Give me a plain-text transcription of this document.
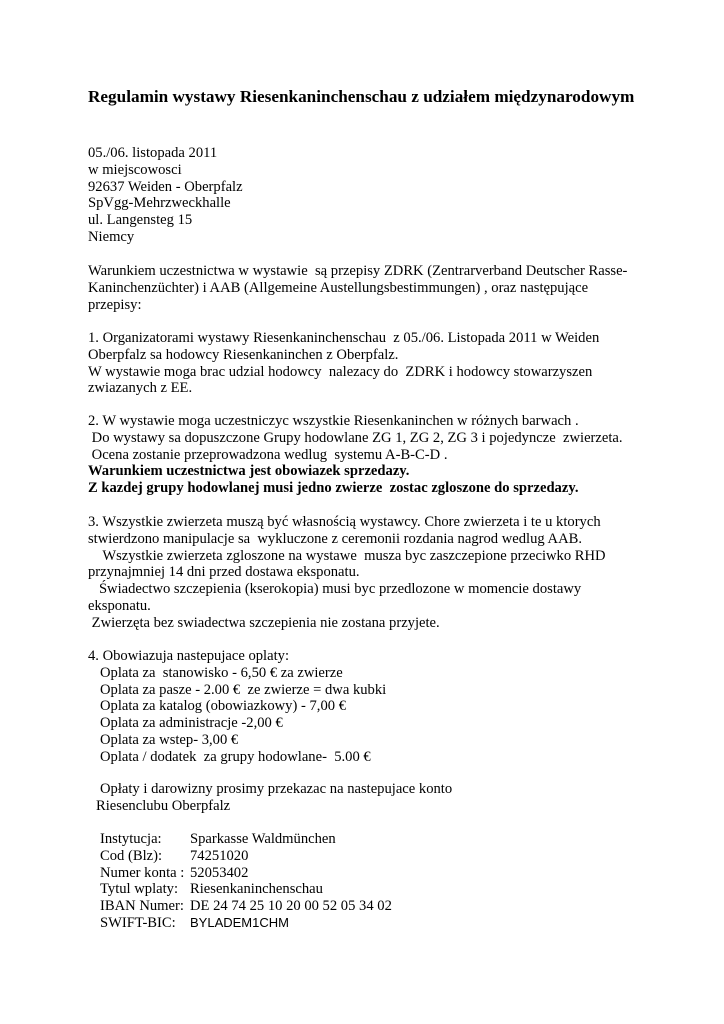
Regulamin wystawy Riesenkaninchenschau z udziałem międzynarodowym
05./06. listopada 2011
w miejscowosci
92637 Weiden - Oberpfalz
SpVgg-Mehrzweckhalle
ul. Langensteg 15
Niemcy
Warunkiem uczestnictwa w wystawie  są przepisy ZDRK (Zentrarverband Deutscher Rasse-
Kaninchenzüchter) i AAB (Allgemeine Austellungsbestimmungen) , oraz następujące
przepisy:
1. Organizatorami wystawy Riesenkaninchenschau  z 05./06. Listopada 2011 w Weiden
Oberpfalz sa hodowcy Riesenkaninchen z Oberpfalz.
W wystawie moga brac udzial hodowcy  nalezacy do  ZDRK i hodowcy stowarzyszen
zwiazanych z EE.
2. W wystawie moga uczestniczyc wszystkie Riesenkaninchen w różnych barwach .
Do wystawy sa dopuszczone Grupy hodowlane ZG 1, ZG 2, ZG 3 i pojedyncze  zwierzeta.
Ocena zostanie przeprowadzona wedlug  systemu A-B-C-D .
Warunkiem uczestnictwa jest obowiazek sprzedazy.
Z kazdej grupy hodowlanej musi jedno zwierze  zostac zgloszone do sprzedazy.
3. Wszystkie zwierzeta muszą być własnością wystawcy. Chore zwierzeta i te u ktorych
stwierdzono manipulacje sa  wykluczone z ceremonii rozdania nagrod wedlug AAB.
Wszystkie zwierzeta zgloszone na wystawe  musza byc zaszczepione przeciwko RHD
przynajmniej 14 dni przed dostawa eksponatu.
Świadectwo szczepienia (kserokopia) musi byc przedlozone w momencie dostawy
eksponatu.
Zwierzęta bez swiadectwa szczepienia nie zostana przyjete.
4. Obowiazuja nastepujace oplaty:
Oplata za  stanowisko - 6,50 € za zwierze
Oplata za pasze - 2.00 €  ze zwierze = dwa kubki
Oplata za katalog (obowiazkowy) - 7,00 €
Oplata za administracje -2,00 €
Oplata za wstep- 3,00 €
Oplata / dodatek  za grupy hodowlane-  5.00 €
Opłaty i darowizny prosimy przekazac na nastepujace konto
Riesenclubu Oberpfalz
Instytucja:	Sparkasse Waldmünchen
Cod (Blz):	74251020
Numer konta :	52053402
Tytul wplaty:	Riesenkaninchenschau
IBAN Numer:	DE 24 74 25 10 20 00 52 05 34 02
SWIFT-BIC:	BYLADEM1CHM
